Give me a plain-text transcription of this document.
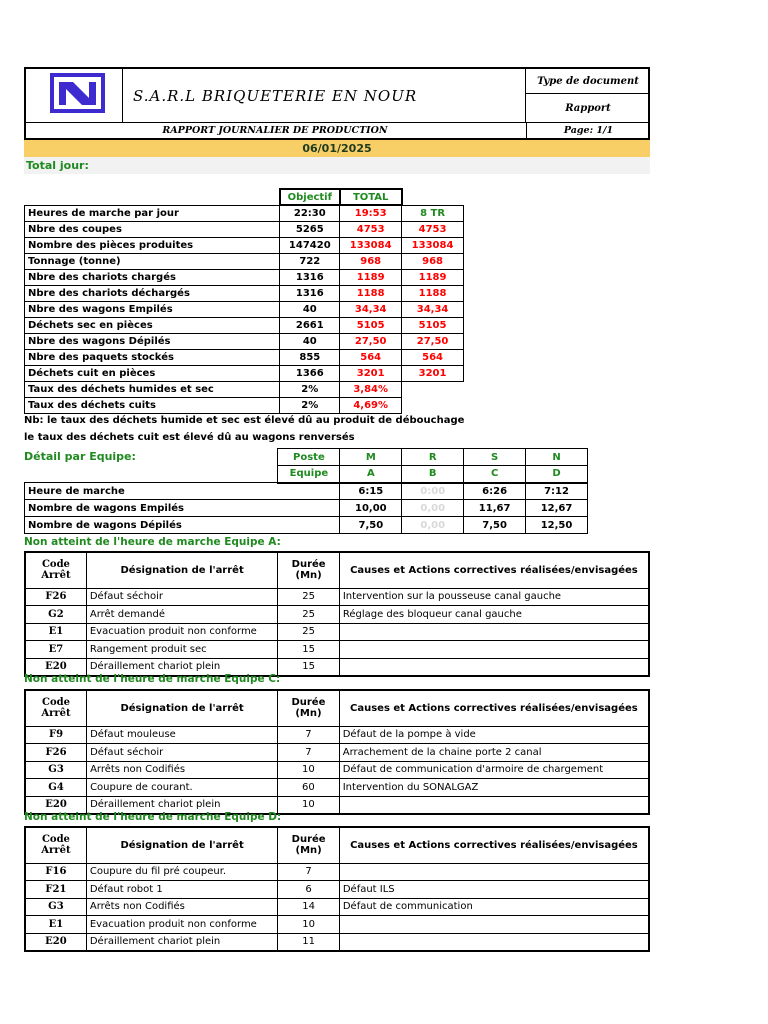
S.A.R.L BRIQUETERIE EN NOUR
Type de document
Rapport
RAPPORT JOURNALIER DE PRODUCTION	Page: 1/1
06/01/2025
Total jour:
	Objectif	TOTAL	
Heures de marche par jour	22:30	19:53	8 TR
Nbre des coupes	5265	4753	4753
Nombre des pièces produites	147420	133084	133084
Tonnage (tonne)	722	968	968
Nbre des chariots chargés	1316	1189	1189
Nbre des chariots déchargés	1316	1188	1188
Nbre des wagons Empilés	40	34,34	34,34
Déchets sec en pièces	2661	5105	5105
Nbre des wagons Dépilés	40	27,50	27,50
Nbre des paquets stockés	855	564	564
Déchets cuit en pièces	1366	3201	3201
Taux des déchets humides et sec	2%	3,84%	
Taux des déchets cuits	2%	4,69%	
Nb: le taux des déchets humide et sec est élevé dû au produit de débouchage
le taux des déchets cuit est élevé dû au wagons renversés
Détail par Equipe:
		Poste	M	R	S	N
	Equipe	A	B	C	D
Heure de marche		6:15	0:00	6:26	7:12
Nombre de wagons Empilés		10,00	0,00	11,67	12,67
Nombre de wagons Dépilés		7,50	0,00	7,50	12,50
Non atteint de l'heure de marche Equipe A:
Code
Arrêt	Désignation de l'arrêt	Durée
(Mn)	Causes et Actions correctives réalisées/envisagées
F26	Défaut séchoir	25	Intervention sur la pousseuse canal gauche
G2	Arrêt demandé	25	Réglage des bloqueur canal gauche
E1	Evacuation produit non conforme	25	
E7	Rangement produit sec	15	
E20	Déraillement chariot plein	15	
Non atteint de l'heure de marche Equipe C:
Code
Arrêt	Désignation de l'arrêt	Durée
(Mn)	Causes et Actions correctives réalisées/envisagées
F9	Défaut mouleuse	7	Défaut de la pompe à vide
F26	Défaut séchoir	7	Arrachement de la chaine porte 2 canal
G3	Arrêts non Codifiés	10	Défaut de communication d'armoire de chargement
G4	Coupure de courant.	60	Intervention du SONALGAZ
E20	Déraillement chariot plein	10	
Non atteint de l'heure de marche Equipe D:
Code
Arrêt	Désignation de l'arrêt	Durée
(Mn)	Causes et Actions correctives réalisées/envisagées
F16	Coupure du fil pré coupeur.	7	
F21	Défaut robot 1	6	Défaut ILS
G3	Arrêts non Codifiés	14	Défaut de communication
E1	Evacuation produit non conforme	10	
E20	Déraillement chariot plein	11	
